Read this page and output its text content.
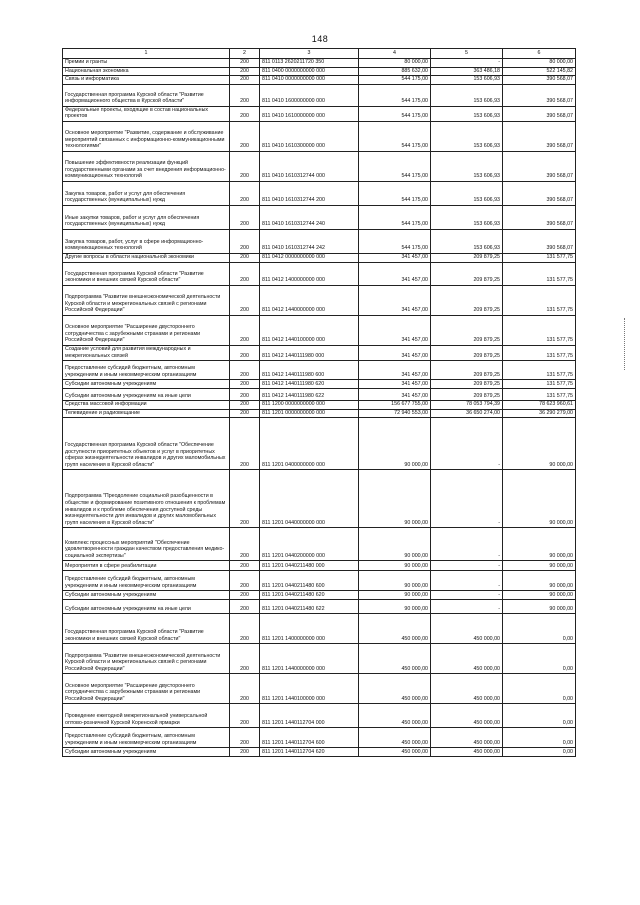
148
1	2	3	4	5	6
Премии и гранты	200	811 0113 2620211720 350	80 000,00	-	80 000,00
Национальная экономика	200	811 0400 0000000000 000	885 632,00	363 486,18	522 145,82
Связь и информатика	200	811 0410 0000000000 000	544 175,00	153 606,93	390 568,07
Государственная программа Курской области "Развитие информационного общества в Курской области"	200	811 0410 1600000000 000	544 175,00	153 606,93	390 568,07
Федеральные проекты, входящие в состав национальных проектов	200	811 0410 1610000000 000	544 175,00	153 606,93	390 568,07
Основное мероприятие "Развитие, содержание и обслуживание мероприятий связанных с информационно-коммуникационными технологиями"	200	811 0410 1610300000 000	544 175,00	153 606,93	390 568,07
Повышение эффективности реализации функций государственными органами за счет внедрения информационно-коммуникационных технологий	200	811 0410 1610312744 000	544 175,00	153 606,93	390 568,07
Закупка товаров, работ и услуг для обеспечения государственных (муниципальных) нужд	200	811 0410 1610312744 200	544 175,00	153 606,93	390 568,07
Иные закупки товаров, работ и услуг для обеспечения государственных (муниципальных) нужд	200	811 0410 1610312744 240	544 175,00	153 606,93	390 568,07
Закупка товаров, работ, услуг в сфере информационно-коммуникационных технологий	200	811 0410 1610312744 242	544 175,00	153 606,93	390 568,07
Другие вопросы в области национальной экономики	200	811 0412 0000000000 000	341 457,00	209 879,25	131 577,75
Государственная программа Курской области "Развитие экономики и внешних связей Курской области"	200	811 0412 1400000000 000	341 457,00	209 879,25	131 577,75
Подпрограмма "Развитие внешнеэкономической деятельности Курской области и межрегиональных связей с регионами Российской Федерации"	200	811 0412 1440000000 000	341 457,00	209 879,25	131 577,75
Основное мероприятие "Расширение двустороннего сотрудничества с зарубежными странами и регионами Российской Федерации"	200	811 0412 1440100000 000	341 457,00	209 879,25	131 577,75
Создание условий для развития международных и межрегиональных связей	200	811 0412 1440111980 000	341 457,00	209 879,25	131 577,75
Предоставление субсидий бюджетным, автономным учреждениям и иным некоммерческим организациям	200	811 0412 1440111980 600	341 457,00	209 879,25	131 577,75
Субсидии автономным учреждениям	200	811 0412 1440111980 620	341 457,00	209 879,25	131 577,75
Субсидии автономным учреждениям на иные цели	200	811 0412 1440111980 622	341 457,00	209 879,25	131 577,75
Средства массовой информации	200	811 1200 0000000000 000	156 677 755,00	78 053 794,39	78 623 960,61
Телевидение и радиовещание	200	811 1201 0000000000 000	72 940 553,00	36 650 274,00	36 290 279,00
Государственная программа Курской области "Обеспечение доступности приоритетных объектов и услуг в приоритетных сферах жизнедеятельности инвалидов и других маломобильных групп населения в Курской области"	200	811 1201 0400000000 000	90 000,00	-	90 000,00
Подпрограмма "Преодоление социальной разобщенности в обществе и формирование позитивного отношения к проблемам инвалидов и к проблеме обеспечения доступной среды жизнедеятельности для инвалидов и других маломобильных групп населения в Курской области"	200	811 1201 0440000000 000	90 000,00	-	90 000,00
Комплекс процессных мероприятий "Обеспечение удовлетворенности граждан качеством предоставления медико-социальной экспертизы"	200	811 1201 0440200000 000	90 000,00	-	90 000,00
Мероприятия в сфере реабилитации	200	811 1201 0440211480 000	90 000,00	-	90 000,00
Предоставление субсидий бюджетным, автономным учреждениям и иным некоммерческим организациям	200	811 1201 0440211480 600	90 000,00	-	90 000,00
Субсидии автономным учреждениям	200	811 1201 0440211480 620	90 000,00	-	90 000,00
Субсидии автономным учреждениям на иные цели	200	811 1201 0440211480 622	90 000,00	-	90 000,00
Государственная программа Курской области "Развитие экономики и внешних связей Курской области"	200	811 1201 1400000000 000	450 000,00	450 000,00	0,00
Подпрограмма "Развитие внешнеэкономической деятельности Курской области и межрегиональных связей с регионами Российской Федерации"	200	811 1201 1440000000 000	450 000,00	450 000,00	0,00
Основное мероприятие "Расширение двустороннего сотрудничества с зарубежными странами и регионами Российской Федерации"	200	811 1201 1440100000 000	450 000,00	450 000,00	0,00
Проведение ежегодной межрегиональной универсальной оптово-розничной Курской Коренской ярмарки	200	811 1201 1440112704 000	450 000,00	450 000,00	0,00
Предоставление субсидий бюджетным, автономным учреждениям и иным некоммерческим организациям	200	811 1201 1440112704 600	450 000,00	450 000,00	0,00
Субсидии автономным учреждениям	200	811 1201 1440112704 620	450 000,00	450 000,00	0,00
